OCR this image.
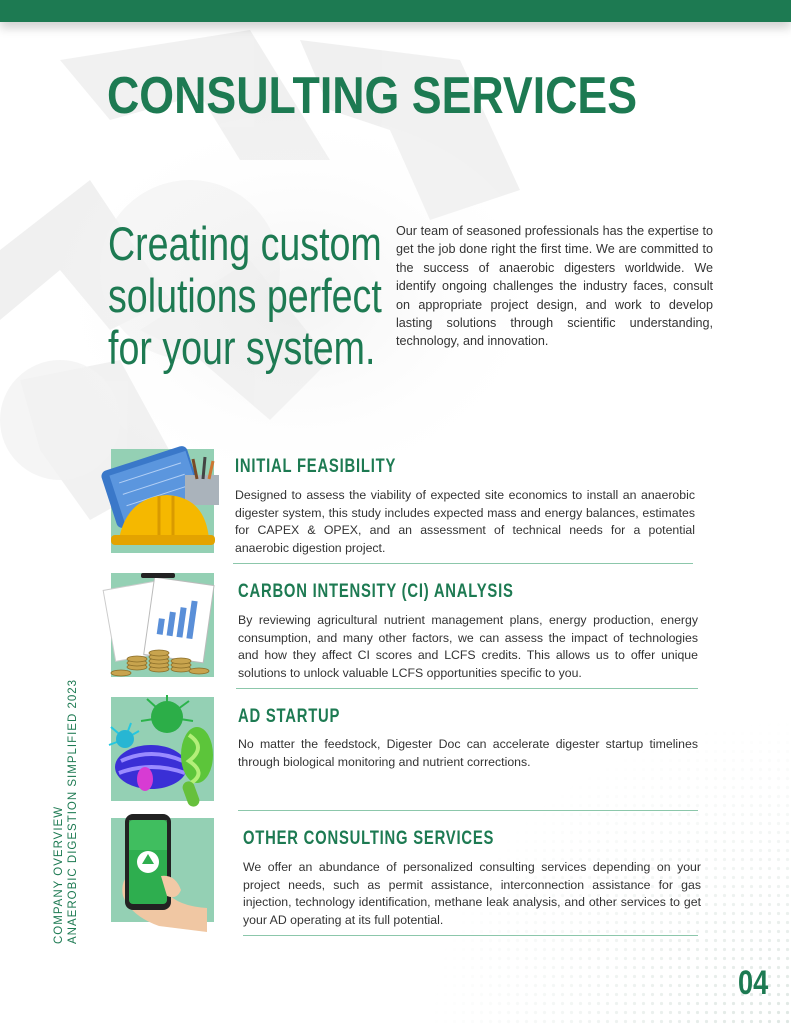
CONSULTING SERVICES
Creating custom
solutions perfect
for your system.

Our team of seasoned professionals has the expertise to get the job done right the first time. We are committed to the success of anaerobic digesters worldwide. We identify ongoing challenges the industry faces, consult on appropriate project design, and work to develop lasting solutions through scientific understanding, technology, and innovation.

INITIAL FEASIBILITY

Designed to assess the viability of expected site economics to install an anaerobic digester system, this study includes expected mass and energy balances, estimates for CAPEX & OPEX, and an assessment of technical needs for a potential anaerobic digestion project.

CARBON INTENSITY (CI) ANALYSIS

By reviewing agricultural nutrient management plans, energy production, energy consumption, and many other factors, we can assess the impact of technologies and how they affect CI scores and LCFS credits. This allows us to offer unique solutions to unlock valuable LCFS opportunities specific to you.

AD STARTUP

No matter the feedstock, Digester Doc can accelerate digester startup timelines through biological monitoring and nutrient corrections.

OTHER CONSULTING SERVICES

We offer an abundance of personalized consulting services depending on your project needs, such as permit assistance, interconnection assistance for gas injection, technology identification, methane leak analysis, and other services to get your AD operating at its full potential.

COMPANY OVERVIEW ANAEROBIC DIGESTION SIMPLIFIED 2023
04
